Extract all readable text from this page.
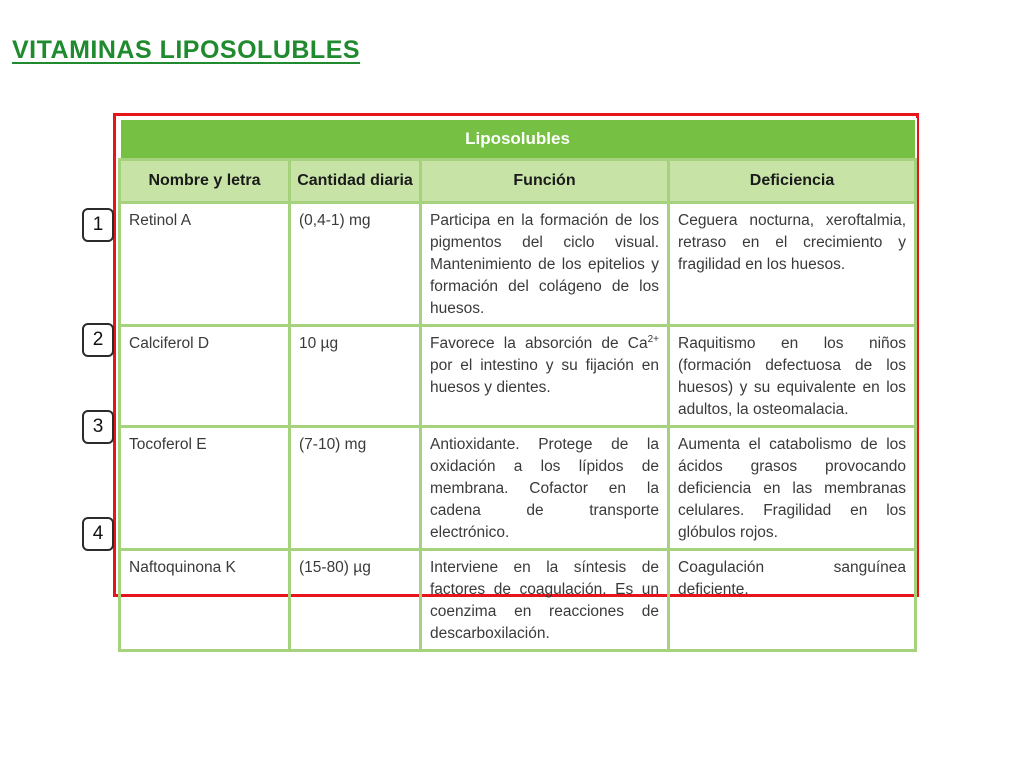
VITAMINAS LIPOSOLUBLES
Liposolubles			
Nombre y letra	Cantidad diaria	Función	Deficiencia
Retinol A	(0,4-1) mg	Participa en la formación de los pigmentos del ciclo visual. Mantenimiento de los epitelios y formación del colágeno de los huesos.	Ceguera nocturna, xeroftalmia, retraso en el crecimiento y fragilidad en los huesos.
Calciferol D	10 µg	Favorece la absorción de $Ca^{2+}$ por el intestino y su fijación en huesos y dientes.	Raquitismo en los niños (formación defectuosa de los huesos) y su equivalente en los adultos, la osteomalacia.
Tocoferol E	(7-10) mg	Antioxidante. Protege de la oxidación a los lípidos de membrana. Cofactor en la cadena de transporte electrónico.	Aumenta el catabolismo de los ácidos grasos provocando deficiencia en las membranas celulares. Fragilidad en los glóbulos rojos.
Naftoquinona K	(15-80) µg	Interviene en la síntesis de factores de coagulación. Es un coenzima en reacciones de descarboxilación.	Coagulación sanguínea deficiente.
1
2
3
4
